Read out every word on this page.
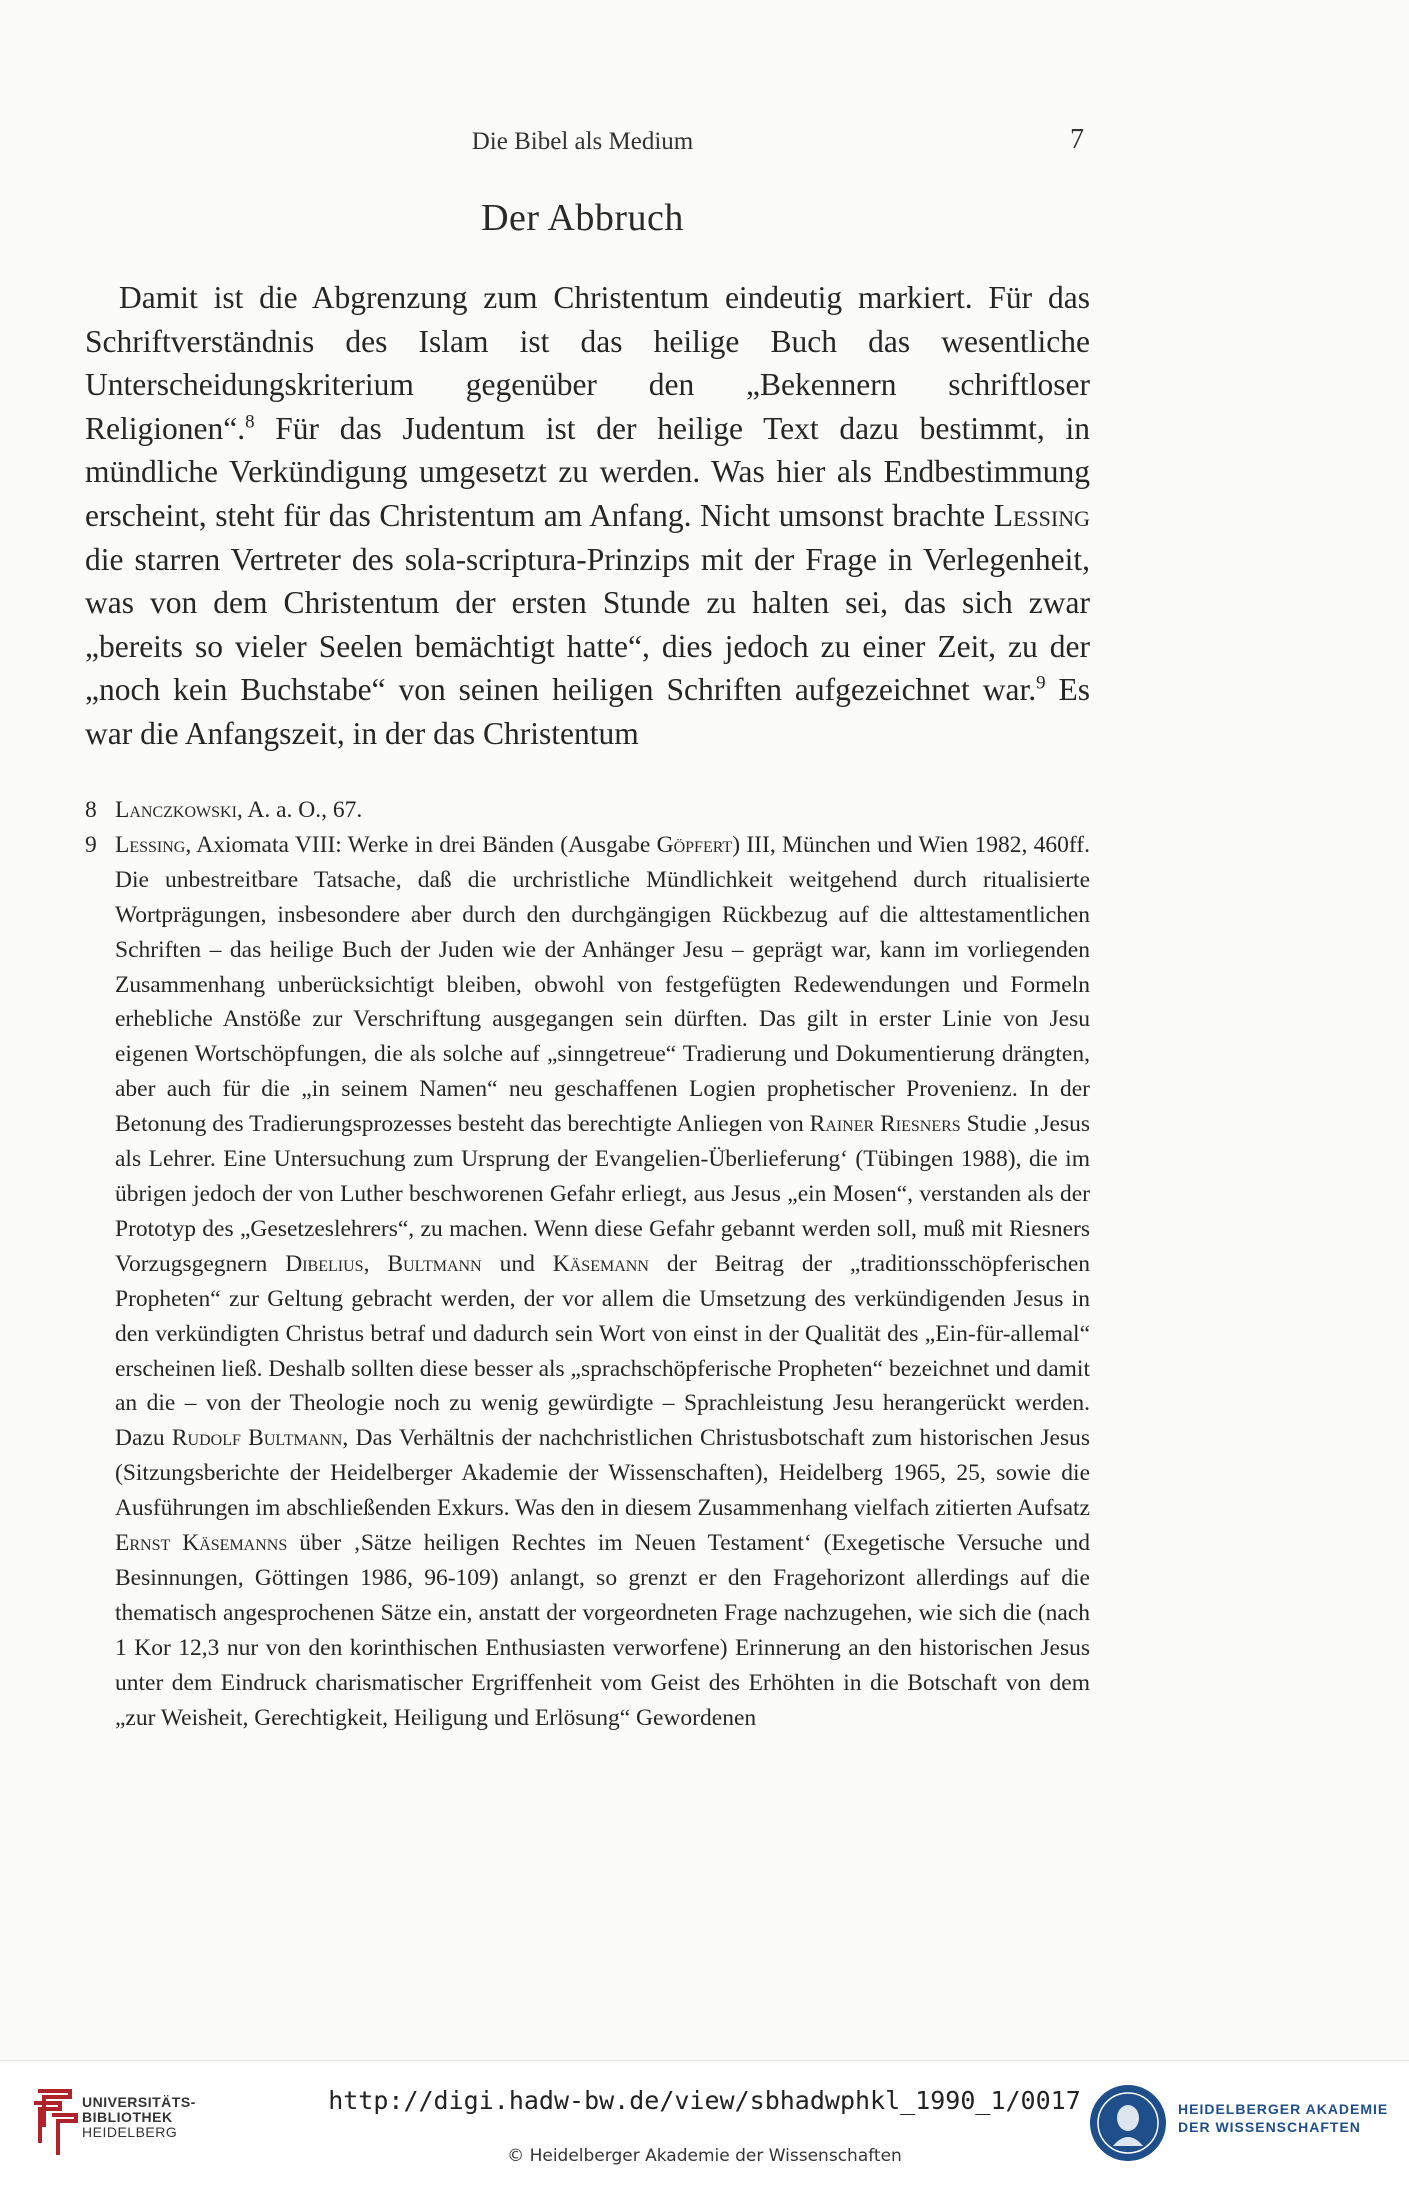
Die Bibel als Medium	7
Der Abbruch

Damit ist die Abgrenzung zum Christentum eindeutig markiert. Für das Schriftverständnis des Islam ist das heilige Buch das wesentliche Unterscheidungskriterium gegenüber den „Bekennern schriftloser Religionen“.$^8$ Für das Judentum ist der heilige Text dazu bestimmt, in mündliche Verkündigung umgesetzt zu werden. Was hier als Endbestimmung erscheint, steht für das Christentum am Anfang. Nicht umsonst brachte Lessing die starren Vertreter des sola-scriptura-Prinzips mit der Frage in Verlegenheit, was von dem Christentum der ersten Stunde zu halten sei, das sich zwar „bereits so vieler Seelen bemächtigt hatte“, dies jedoch zu einer Zeit, zu der „noch kein Buchstabe“ von seinen heiligen Schriften aufgezeichnet war.$^9$ Es war die Anfangszeit, in der das Christentum

8 Lanczkowski, A. a. O., 67.

9 Lessing, Axiomata VIII: Werke in drei Bänden (Ausgabe Göpfert) III, München und Wien 1982, 460ff. Die unbestreitbare Tatsache, daß die urchristliche Mündlichkeit weitgehend durch ritualisierte Wortprägungen, insbesondere aber durch den durchgängigen Rückbezug auf die alttestamentlichen Schriften – das heilige Buch der Juden wie der Anhänger Jesu – geprägt war, kann im vorliegenden Zusammenhang unberücksichtigt bleiben, obwohl von festgefügten Redewendungen und Formeln erhebliche Anstöße zur Verschriftung ausgegangen sein dürften. Das gilt in erster Linie von Jesu eigenen Wortschöpfungen, die als solche auf „sinngetreue“ Tradierung und Dokumentierung drängten, aber auch für die „in seinem Namen“ neu geschaffenen Logien prophetischer Provenienz. In der Betonung des Tradierungsprozesses besteht das berechtigte Anliegen von Rainer Riesners Studie ‚Jesus als Lehrer. Eine Untersuchung zum Ursprung der Evangelien-Überlieferung‘ (Tübingen 1988), die im übrigen jedoch der von Luther beschworenen Gefahr erliegt, aus Jesus „ein Mosen“, verstanden als der Prototyp des „Gesetzeslehrers“, zu machen. Wenn diese Gefahr gebannt werden soll, muß mit Riesners Vorzugsgegnern Dibelius, Bultmann und Käsemann der Beitrag der „traditionsschöpferischen Propheten“ zur Geltung gebracht werden, der vor allem die Umsetzung des verkündigenden Jesus in den verkündigten Christus betraf und dadurch sein Wort von einst in der Qualität des „Ein-für-allemal“ erscheinen ließ. Deshalb sollten diese besser als „sprachschöpferische Propheten“ bezeichnet und damit an die – von der Theologie noch zu wenig gewürdigte – Sprachleistung Jesu herangerückt werden. Dazu Rudolf Bultmann, Das Verhältnis der nachchristlichen Christusbotschaft zum historischen Jesus (Sitzungsberichte der Heidelberger Akademie der Wissenschaften), Heidelberg 1965, 25, sowie die Ausführungen im abschließenden Exkurs. Was den in diesem Zusammenhang vielfach zitierten Aufsatz Ernst Käsemanns über ‚Sätze heiligen Rechtes im Neuen Testament‘ (Exegetische Versuche und Besinnungen, Göttingen 1986, 96-109) anlangt, so grenzt er den Fragehorizont allerdings auf die thematisch angesprochenen Sätze ein, anstatt der vorgeordneten Frage nachzugehen, wie sich die (nach 1 Kor 12,3 nur von den korinthischen Enthusiasten verworfene) Erinnerung an den historischen Jesus unter dem Eindruck charismatischer Ergriffenheit vom Geist des Erhöhten in die Botschaft von dem „zur Weisheit, Gerechtigkeit, Heiligung und Erlösung“ Gewordenen

UNIVERSITÄTS-
BIBLIOTHEK
HEIDELBERG
http://digi.hadw-bw.de/view/sbhadwphkl_1990_1/0017
© Heidelberger Akademie der Wissenschaften
HEIDELBERGER AKADEMIE
DER WISSENSCHAFTEN
